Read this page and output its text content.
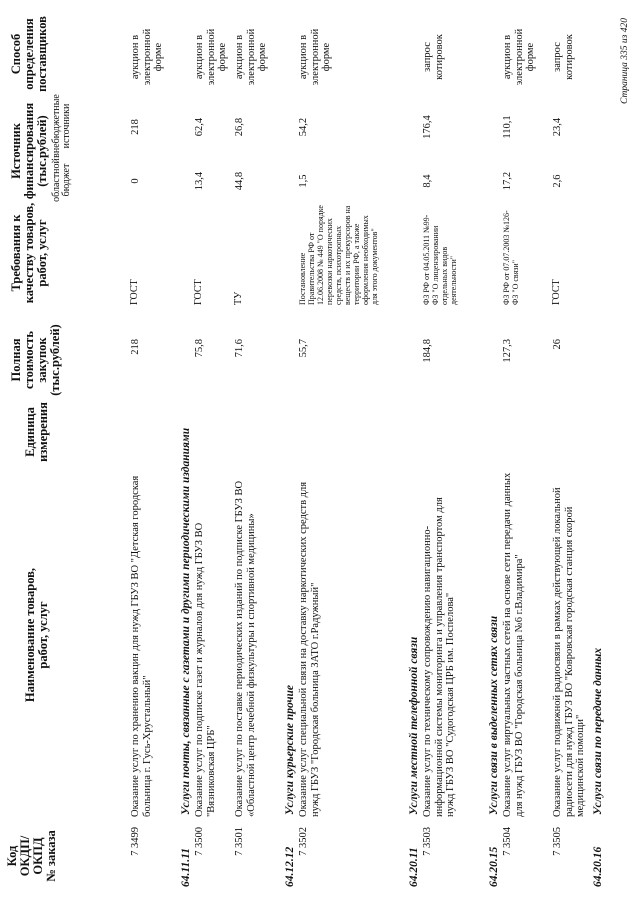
Код ОКДП/ ОКПД № заказа
Наименование товаров, работ, услуг
Единица измерения
Полная стоимость закупок (тыс.рублей)
Требования к качеству товаров, работ, услуг
Источник финансирования (тыс.рублей) областной бюджет
внебюджетные источники
Способ определения поставщиков
7 3499
Оказание услуг по хранению вакцин для нужд ГБУЗ ВО "Детская городская больница г. Гусь-Хрустальный"
218
ГОСТ
0
218
аукцион в электронной форме
64.11.11Услуги почты, связанные с газетами и другими периодическими изданиями
7 3500
Оказание услуг по подписке газет и журналов для нужд ГБУЗ ВО "Вязниковская ЦРБ"
75,8
ГОСТ
13,4
62,4
аукцион в электронной форме
7 3501
Оказание услуг по поставке периодических изданий по подписке ГБУЗ ВО «Областной центр лечебной физкультуры и спортивной медицины»
71,6
ТУ
44,8
26,8
аукцион в электронной форме
64.12.12Услуги курьерские прочие
7 3502
Оказание услуг специальной связи на доставку наркотических средств для нужд ГБУЗ "Городская больница ЗАТО г.Радужный"
55,7
Постановление Правительства РФ от 12.06.2008 № 449 "О порядке перевозки наркотических средств, психотропных веществ и их прекурсоров на территории РФ, а также оформления необходимых для этого документов"
1,5
54,2
аукцион в электронной форме
64.20.11Услуги местной телефонной связи
7 3503
Оказание услуг по техническому сопровождению навигационно-информационной системы мониторинга и управления транспортом для нужд ГБУЗ ВО "Судогодская ЦРБ им. Поспелова"
184,8
ФЗ РФ от 04.05.2011 №99-ФЗ "О лицензировании отдельных видов деятельности"
8,4
176,4
запрос котировок
64.20.15Услуги связи в выделенных сетях связи
7 3504
Оказание услуг виртуальных частных сетей на основе сети передачи данных для нужд ГБУЗ ВО "Городская больница №6 г.Владимира"
127,3
ФЗ РФ от 07.07.2003 №126-ФЗ "О связи"
17,2
110,1
аукцион в электронной форме
7 3505
Оказание услуг подвижной радиосвязи в рамках действующей локальной радиосети для нужд ГБУЗ ВО "Ковровская городская станция скорой медицинской помощи"
26
ГОСТ
2,6
23,4
запрос котировок
64.20.16Услуги связи по передаче данных
Страница 335 из 420
